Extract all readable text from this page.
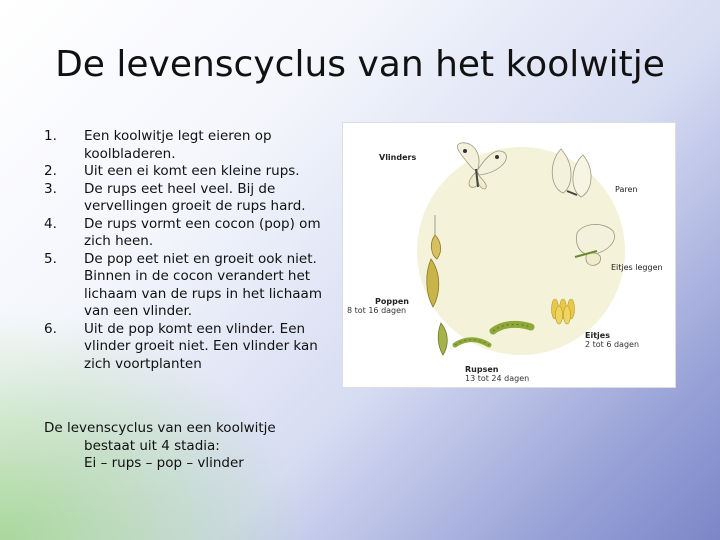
De levenscyclus van het koolwitje
1.	Een koolwitje legt eieren op koolbladeren.
2.	Uit een ei komt een kleine rups.
3.	De rups eet heel veel. Bij de vervellingen groeit de rups hard.
4.	De rups vormt een cocon (pop) om zich heen.
5.	De pop eet niet en groeit ook niet. Binnen in de cocon verandert het lichaam van de rups in het lichaam van een vlinder.
6.	Uit de pop komt een vlinder. Een vlinder groeit niet. Een vlinder kan zich voortplanten
De levenscyclus van een koolwitje
bestaat uit 4 stadia:
Ei – rups – pop – vlinder
Vlinders
Paren
Eitjes leggen
Eitjes
2 tot 6 dagen
Rupsen
13 tot 24 dagen
Poppen
8 tot 16 dagen
